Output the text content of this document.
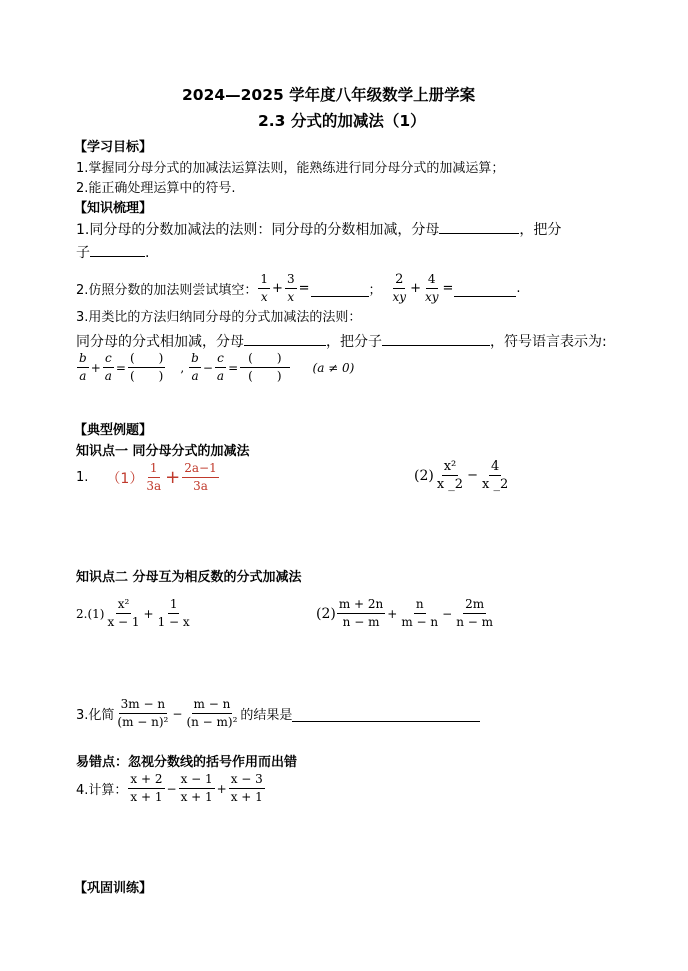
2024—2025 学年度八年级数学上册学案
2.3 分式的加减法（1）
【学习目标】
1.掌握同分母分式的加减法运算法则，能熟练进行同分母分式的加减运算；
2.能正确处理运算中的符号.
【知识梳理】
1.同分母的分数加减法的法则：同分母的分数相加减，分母	，把分
子	.
2.仿照分数的加法则尝试填空： $\frac{1}{x} + \frac{3}{x}$ =	； $\frac{2}{xy} + \frac{4}{xy}$ =	.
3.用类比的方法归纳同分母的分式加减法的法则：
同分母的分式相加减，分母	，把分子	，符号语言表示为:
$\frac{b}{a} + \frac{c}{a} = \frac{( )}{( )}$ , $\frac{b}{a} - \frac{c}{a} = \frac{( )}{( )} (a \ne 0)$
【典型例题】
知识点一 同分母分式的加减法
1. $(1) \frac{1}{3a} + \frac{2a-1}{3a}$	$(2) \frac{\text{x²}}{x \_2} - \frac{4}{x \_2}$
知识点二 分母互为相反数的分式加减法
$2.(1) \frac{\text{x²}}{x - 1} + \frac{1}{1 - x}$	$(2) \frac{m + 2n}{n - m} + \frac{n}{m - n} - \frac{2m}{n - m}$
3.化简 $\frac{3m - n}{\text{(m − n)²}} - \frac{m - n}{\text{(n − m)²}}$ 的结果是
易错点：忽视分数线的括号作用而出错
4.计算： $\frac{x + 2}{x + 1} - \frac{x - 1}{x + 1} + \frac{x - 3}{x + 1}$
【巩固训练】
